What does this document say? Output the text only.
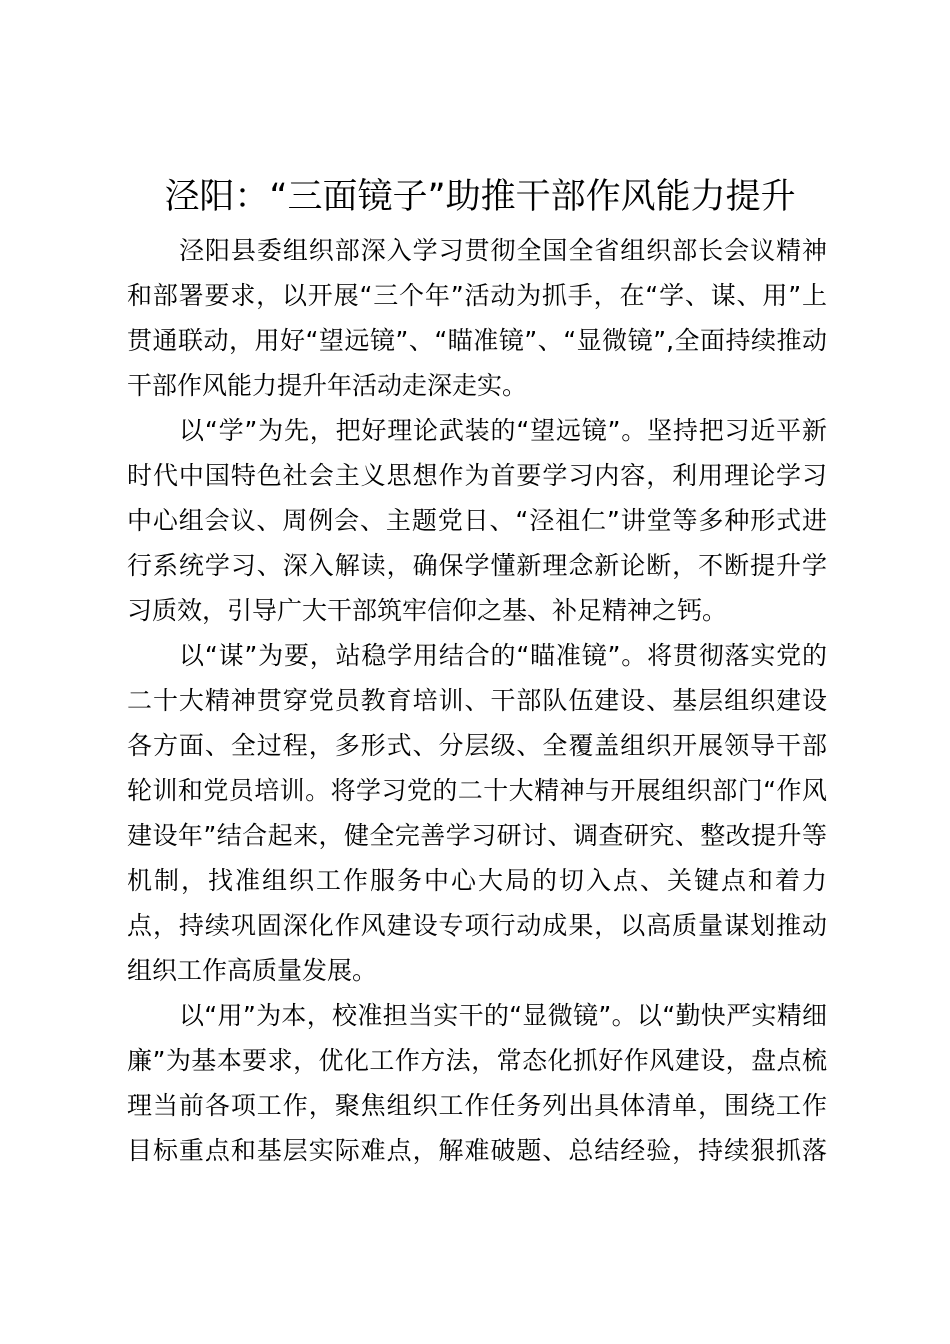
泾阳：“三面镜子”助推干部作风能力提升
泾阳县委组织部深入学习贯彻全国全省组织部长会议精神
和部署要求，以开展“三个年”活动为抓手，在“学、谋、用”上
贯通联动，用好“望远镜”、“瞄准镜”、“显微镜”,全面持续推动
干部作风能力提升年活动走深走实。
以“学”为先，把好理论武装的“望远镜”。坚持把习近平新
时代中国特色社会主义思想作为首要学习内容，利用理论学习
中心组会议、周例会、主题党日、“泾祖仁”讲堂等多种形式进
行系统学习、深入解读，确保学懂新理念新论断，不断提升学
习质效，引导广大干部筑牢信仰之基、补足精神之钙。
以“谋”为要，站稳学用结合的“瞄准镜”。将贯彻落实党的
二十大精神贯穿党员教育培训、干部队伍建设、基层组织建设
各方面、全过程，多形式、分层级、全覆盖组织开展领导干部
轮训和党员培训。将学习党的二十大精神与开展组织部门“作风
建设年”结合起来，健全完善学习研讨、调查研究、整改提升等
机制，找准组织工作服务中心大局的切入点、关键点和着力
点，持续巩固深化作风建设专项行动成果，以高质量谋划推动
组织工作高质量发展。
以“用”为本，校准担当实干的“显微镜”。以“勤快严实精细
廉”为基本要求，优化工作方法，常态化抓好作风建设，盘点梳
理当前各项工作，聚焦组织工作任务列出具体清单，围绕工作
目标重点和基层实际难点，解难破题、总结经验，持续狠抓落
